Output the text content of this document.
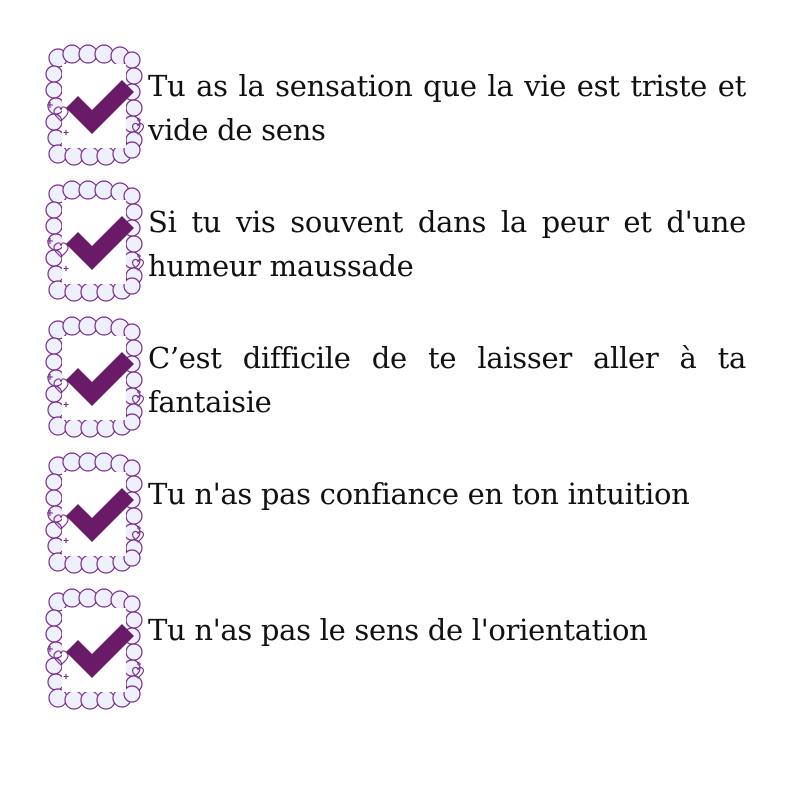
Tu as la sensation que la vie est triste et vide de sens
Si tu vis souvent dans la peur et d'une humeur maussade
C’est difficile de te laisser aller à ta fantaisie
Tu n'as pas confiance en ton intuition
Tu n'as pas le sens de l'orientation
